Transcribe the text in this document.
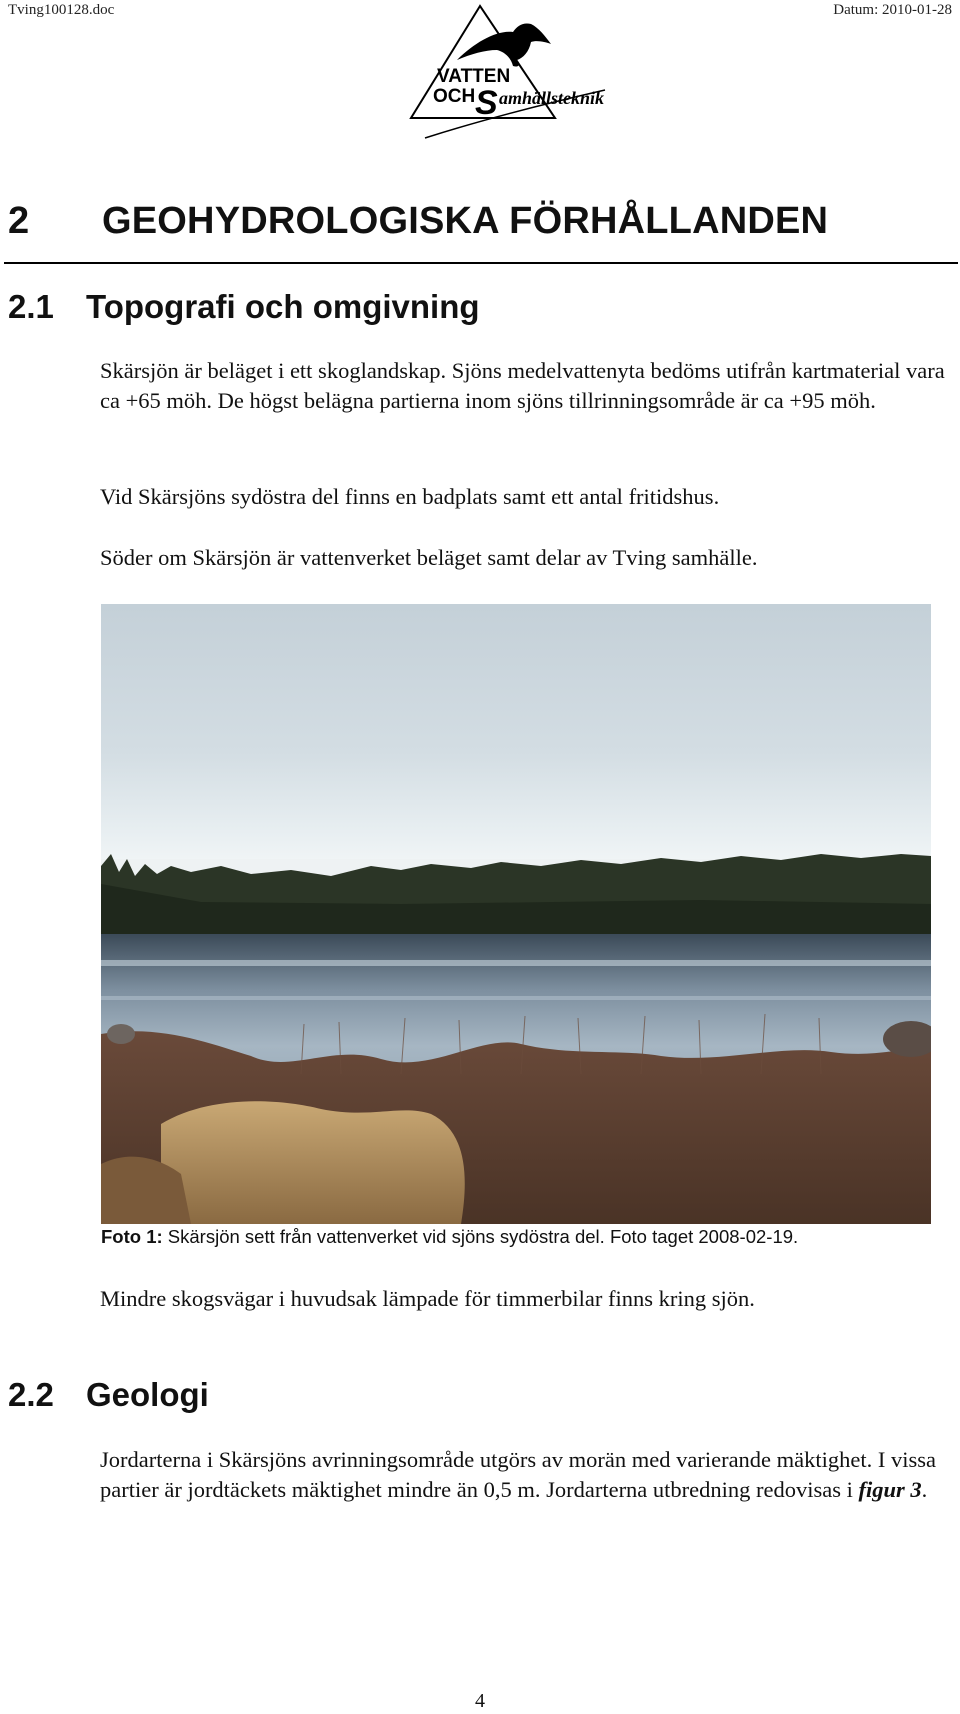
Tving100128.doc	Datum: 2010-01-28
VATTEN
OCH S amhällsteknik
2 GEOHYDROLOGISKA FÖRHÅLLANDEN
2.1 Topografi och omgivning

Skärsjön är beläget i ett skoglandskap. Sjöns medelvattenyta bedöms utifrån kartmaterial vara ca +65 möh. De högst belägna partierna inom sjöns tillrinningsområde är ca +95 möh.

Vid Skärsjöns sydöstra del finns en badplats samt ett antal fritidshus.

Söder om Skärsjön är vattenverket beläget samt delar av Tving samhälle.

Foto 1: Skärsjön sett från vattenverket vid sjöns sydöstra del. Foto taget 2008-02-19.

Mindre skogsvägar i huvudsak lämpade för timmerbilar finns kring sjön.

2.2 Geologi

Jordarterna i Skärsjöns avrinningsområde utgörs av morän med varierande mäktighet. I vissa partier är jordtäckets mäktighet mindre än 0,5 m. Jordarterna utbredning redovisas i figur 3.

4
